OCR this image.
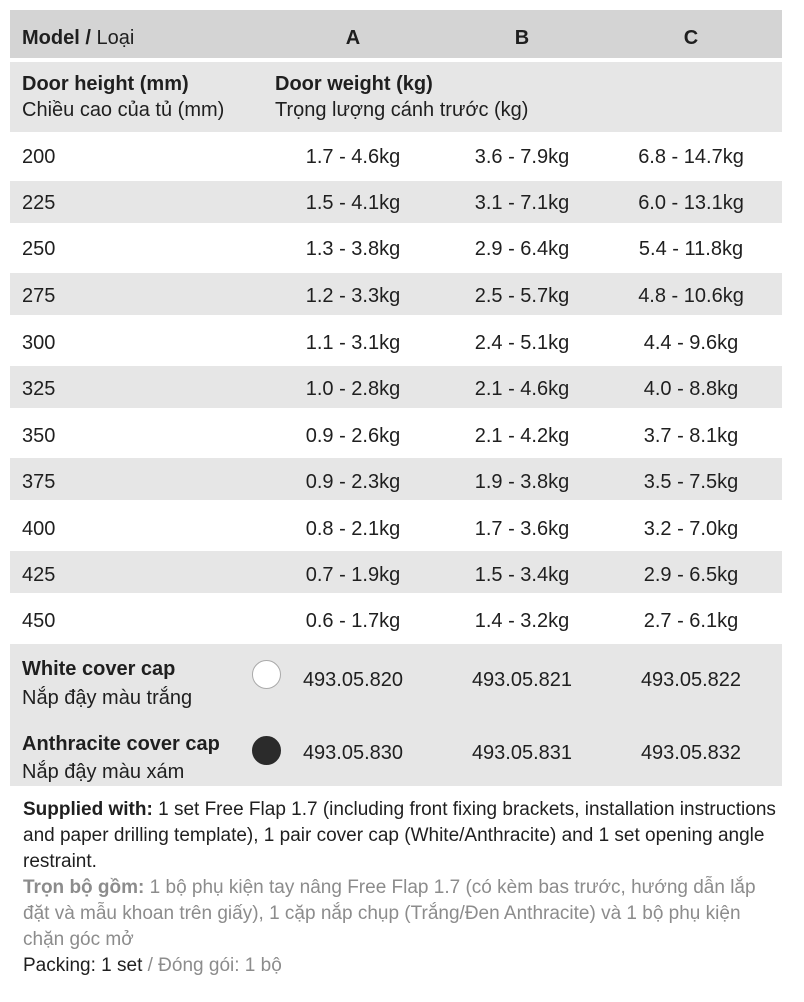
Model / Loại	A	B	C
Door height (mm)
Chiều cao của tủ (mm)
Door weight (kg)
Trọng lượng cánh trước (kg)
200	1.7 - 4.6kg	3.6 - 7.9kg	6.8 - 14.7kg
225	1.5 - 4.1kg	3.1 - 7.1kg	6.0 - 13.1kg
250	1.3 - 3.8kg	2.9 - 6.4kg	5.4 - 11.8kg
275	1.2 - 3.3kg	2.5 - 5.7kg	4.8 - 10.6kg
300	1.1 - 3.1kg	2.4 - 5.1kg	4.4 - 9.6kg
325	1.0 - 2.8kg	2.1 - 4.6kg	4.0 - 8.8kg
350	0.9 - 2.6kg	2.1 - 4.2kg	3.7 - 8.1kg
375	0.9 - 2.3kg	1.9 - 3.8kg	3.5 - 7.5kg
400	0.8 - 2.1kg	1.7 - 3.6kg	3.2 - 7.0kg
425	0.7 - 1.9kg	1.5 - 3.4kg	2.9 - 6.5kg
450	0.6 - 1.7kg	1.4 - 3.2kg	2.7 - 6.1kg
White cover cap
Nắp đậy màu trắng
493.05.820	493.05.821	493.05.822
Anthracite cover cap
Nắp đậy màu xám
493.05.830	493.05.831	493.05.832

Supplied with: 1 set Free Flap 1.7 (including front fixing brackets, installation instructions and paper drilling template), 1 pair cover cap (White/Anthracite) and 1 set opening angle restraint.

Trọn bộ gồm: 1 bộ phụ kiện tay nâng Free Flap 1.7 (có kèm bas trước, hướng dẫn lắp đặt và mẫu khoan trên giấy), 1 cặp nắp chụp (Trắng/Đen Anthracite) và 1 bộ phụ kiện chặn góc mở

Packing: 1 set / Đóng gói: 1 bộ
